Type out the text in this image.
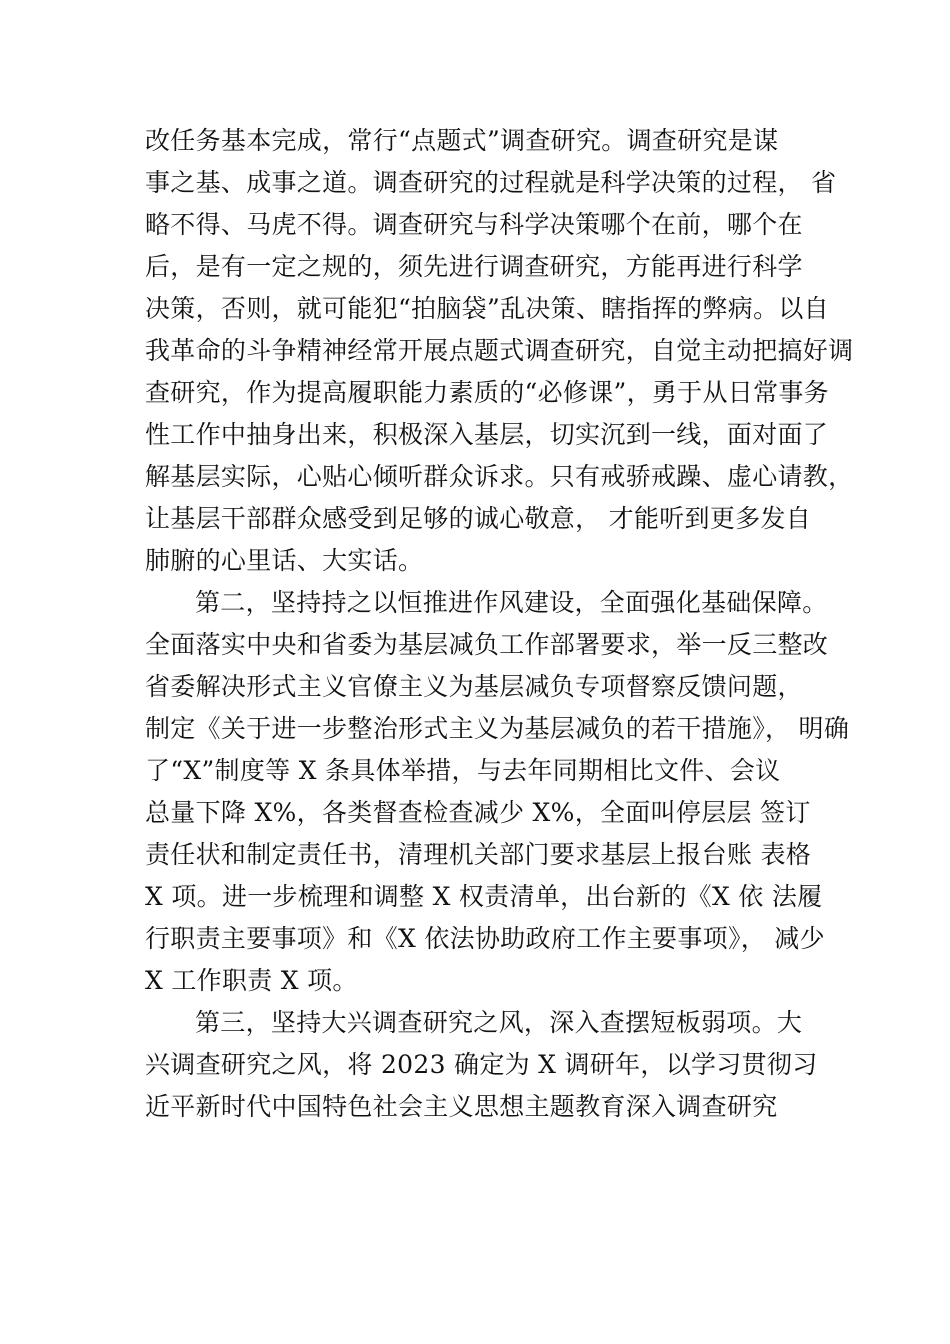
改任务基本完成，常行“点题式”调查研究。调查研究是谋
事之基、成事之道。调查研究的过程就是科学决策的过程， 省
略不得、马虎不得。调查研究与科学决策哪个在前，哪个在
后，是有一定之规的，须先进行调查研究，方能再进行科学
决策，否则，就可能犯“拍脑袋”乱决策、瞎指挥的弊病。以自
我革命的斗争精神经常开展点题式调查研究，自觉主动把搞好调
查研究，作为提高履职能力素质的“必修课”，勇于从日常事务
性工作中抽身出来，积极深入基层，切实沉到一线，面对面了
解基层实际，心贴心倾听群众诉求。只有戒骄戒躁、虚心请教，
让基层干部群众感受到足够的诚心敬意， 才能听到更多发自
肺腑的心里话、大实话。
第二，坚持持之以恒推进作风建设，全面强化基础保障。
全面落实中央和省委为基层减负工作部署要求，举一反三整改
省委解决形式主义官僚主义为基层减负专项督察反馈问题，
制定《关于进一步整治形式主义为基层减负的若干措施》， 明确
了“X”制度等 X 条具体举措，与去年同期相比文件、会议
总量下降 X%，各类督查检查减少 X%，全面叫停层层 签订
责任状和制定责任书，清理机关部门要求基层上报台账 表格
X 项。进一步梳理和调整 X 权责清单，出台新的《X 依 法履
行职责主要事项》和《X 依法协助政府工作主要事项》， 减少
X 工作职责 X 项。
第三，坚持大兴调查研究之风，深入查摆短板弱项。大
兴调查研究之风，将 2023 确定为 X 调研年，以学习贯彻习
近平新时代中国特色社会主义思想主题教育深入调查研究
